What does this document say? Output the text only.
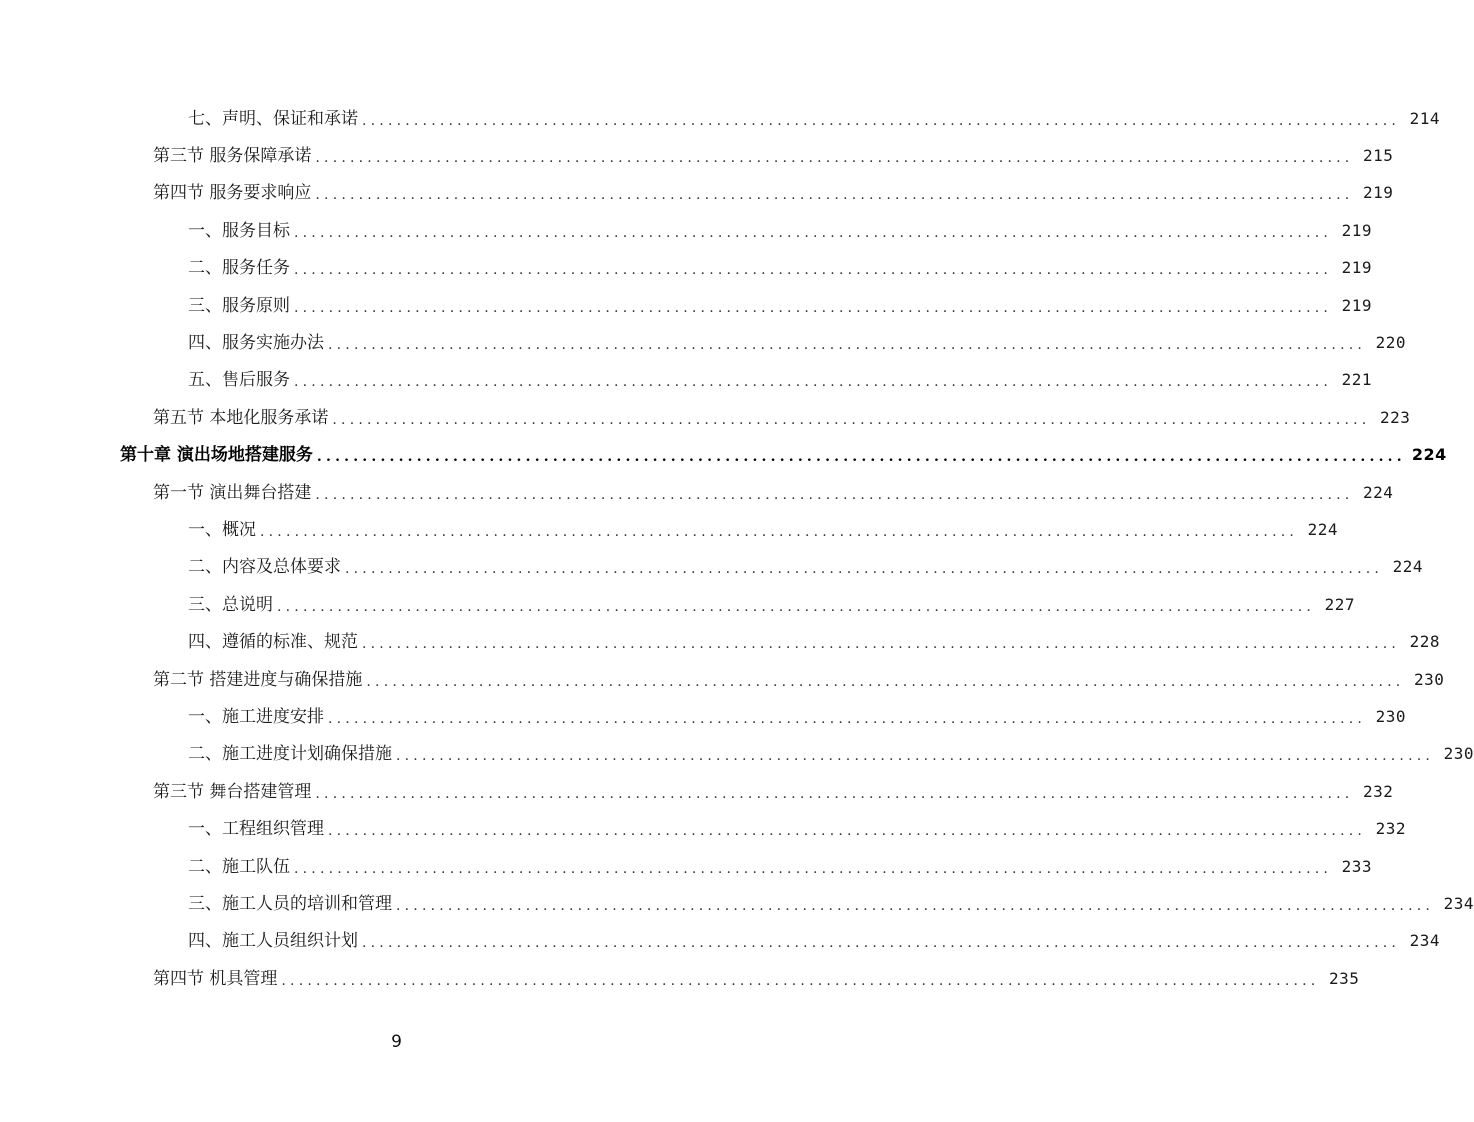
七、声明、保证和承诺 ........................................................................................................................ 214
第三节 服务保障承诺 ........................................................................................................................ 215
第四节 服务要求响应 ........................................................................................................................ 219
一、服务目标 ........................................................................................................................ 219
二、服务任务 ........................................................................................................................ 219
三、服务原则 ........................................................................................................................ 219
四、服务实施办法 ........................................................................................................................ 220
五、售后服务 ........................................................................................................................ 221
第五节 本地化服务承诺 ........................................................................................................................ 223
第十章 演出场地搭建服务 ........................................................................................................................ 224
第一节 演出舞台搭建 ........................................................................................................................ 224
一、概况 ........................................................................................................................ 224
二、内容及总体要求 ........................................................................................................................ 224
三、总说明 ........................................................................................................................ 227
四、遵循的标准、规范 ........................................................................................................................ 228
第二节 搭建进度与确保措施 ........................................................................................................................ 230
一、施工进度安排 ........................................................................................................................ 230
二、施工进度计划确保措施 ........................................................................................................................ 230
第三节 舞台搭建管理 ........................................................................................................................ 232
一、工程组织管理 ........................................................................................................................ 232
二、施工队伍 ........................................................................................................................ 233
三、施工人员的培训和管理 ........................................................................................................................ 234
四、施工人员组织计划 ........................................................................................................................ 234
第四节 机具管理 ........................................................................................................................ 235
9
